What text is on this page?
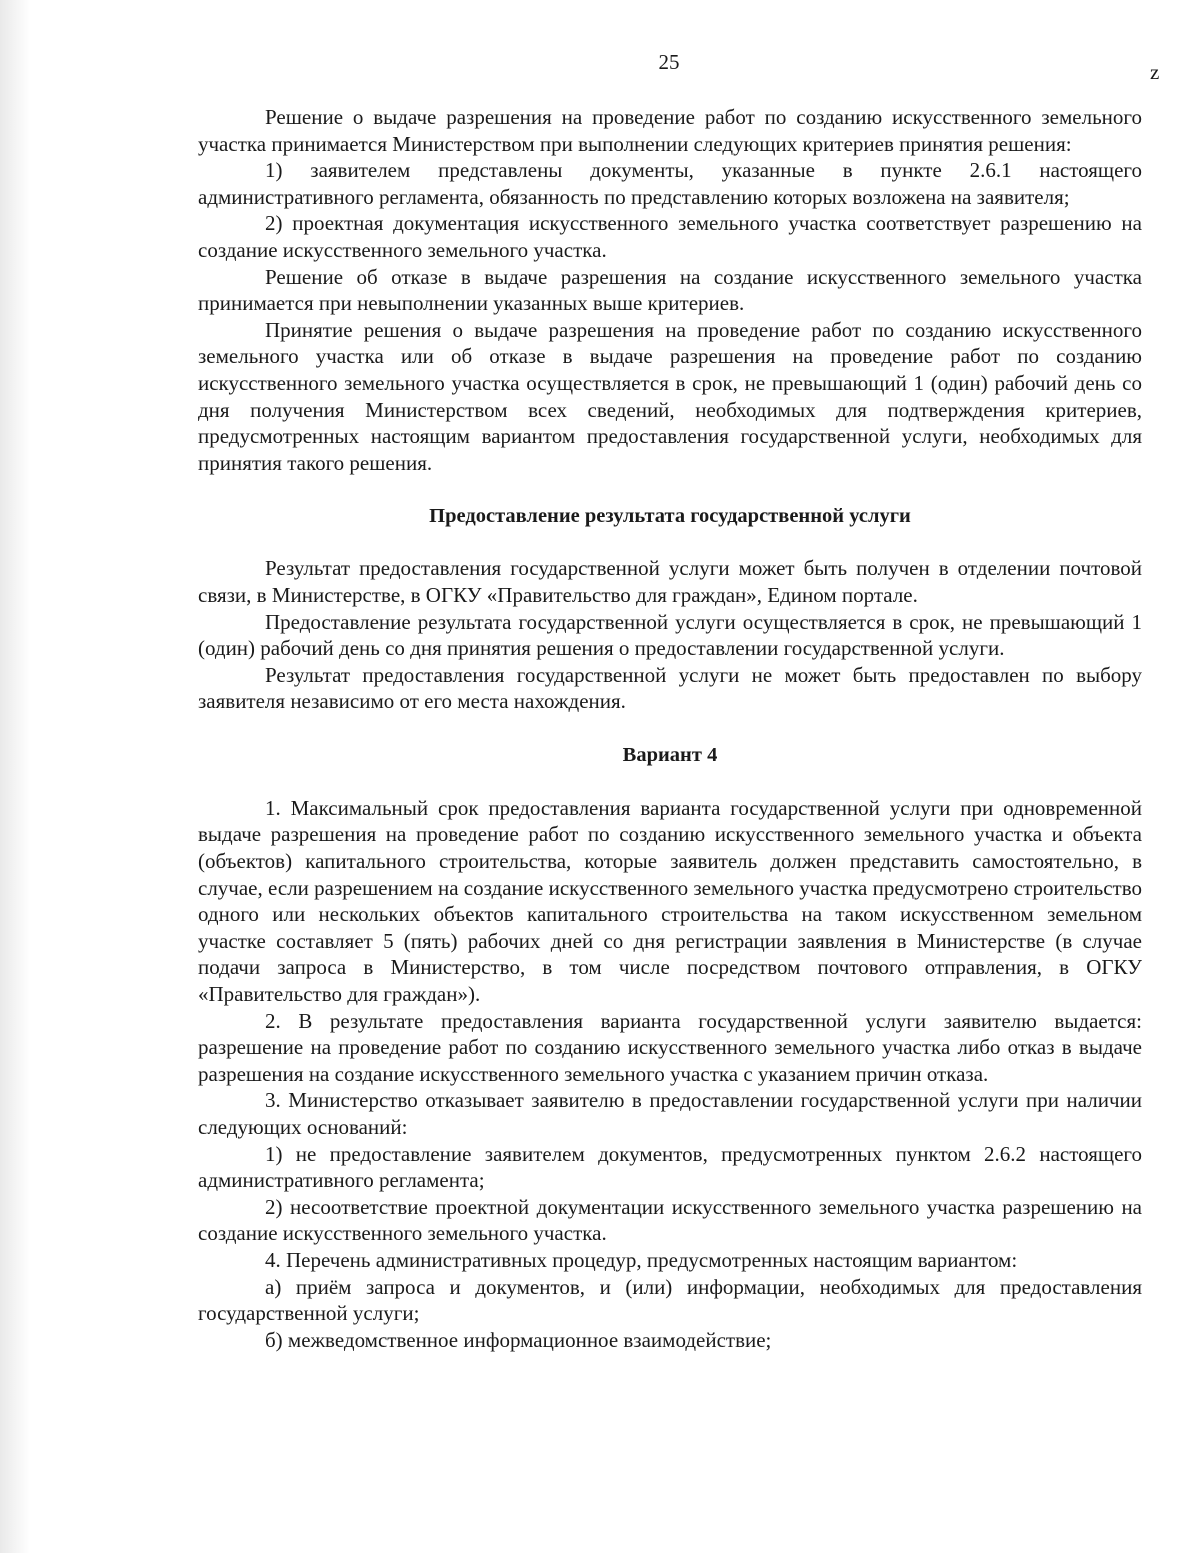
25	z

Решение о выдаче разрешения на проведение работ по созданию искусственного земельного участка принимается Министерством при выполнении следующих критериев принятия решения:

1) заявителем представлены документы, указанные в пункте 2.6.1 настоящего административного регламента, обязанность по представлению которых возложена на заявителя;

2) проектная документация искусственного земельного участка соответствует разрешению на создание искусственного земельного участка.

Решение об отказе в выдаче разрешения на создание искусственного земельного участка принимается при невыполнении указанных выше критериев.

Принятие решения о выдаче разрешения на проведение работ по созданию искусственного земельного участка или об отказе в выдаче разрешения на проведение работ по созданию искусственного земельного участка осуществляется в срок, не превышающий 1 (один) рабочий день со дня получения Министерством всех сведений, необходимых для подтверждения критериев, предусмотренных настоящим вариантом предоставления государственной услуги, необходимых для принятия такого решения.

Предоставление результата государственной услуги

Результат предоставления государственной услуги может быть получен в отделении почтовой связи, в Министерстве, в ОГКУ «Правительство для граждан», Едином портале.

Предоставление результата государственной услуги осуществляется в срок, не превышающий 1 (один) рабочий день со дня принятия решения о предоставлении государственной услуги.

Результат предоставления государственной услуги не может быть предоставлен по выбору заявителя независимо от его места нахождения.

Вариант 4

1. Максимальный срок предоставления варианта государственной услуги при одновременной выдаче разрешения на проведение работ по созданию искусственного земельного участка и объекта (объектов) капитального строительства, которые заявитель должен представить самостоятельно, в случае, если разрешением на создание искусственного земельного участка предусмотрено строительство одного или нескольких объектов капитального строительства на таком искусственном земельном участке составляет 5 (пять) рабочих дней со дня регистрации заявления в Министерстве (в случае подачи запроса в Министерство, в том числе посредством почтового отправления, в ОГКУ «Правительство для граждан»).

2. В результате предоставления варианта государственной услуги заявителю выдается: разрешение на проведение работ по созданию искусственного земельного участка либо отказ в выдаче разрешения на создание искусственного земельного участка с указанием причин отказа.

3. Министерство отказывает заявителю в предоставлении государственной услуги при наличии следующих оснований:

1) не предоставление заявителем документов, предусмотренных пунктом 2.6.2 настоящего административного регламента;

2) несоответствие проектной документации искусственного земельного участка разрешению на создание искусственного земельного участка.

4. Перечень административных процедур, предусмотренных настоящим вариантом:

а) приём запроса и документов, и (или) информации, необходимых для предоставления государственной услуги;

б) межведомственное информационное взаимодействие;
